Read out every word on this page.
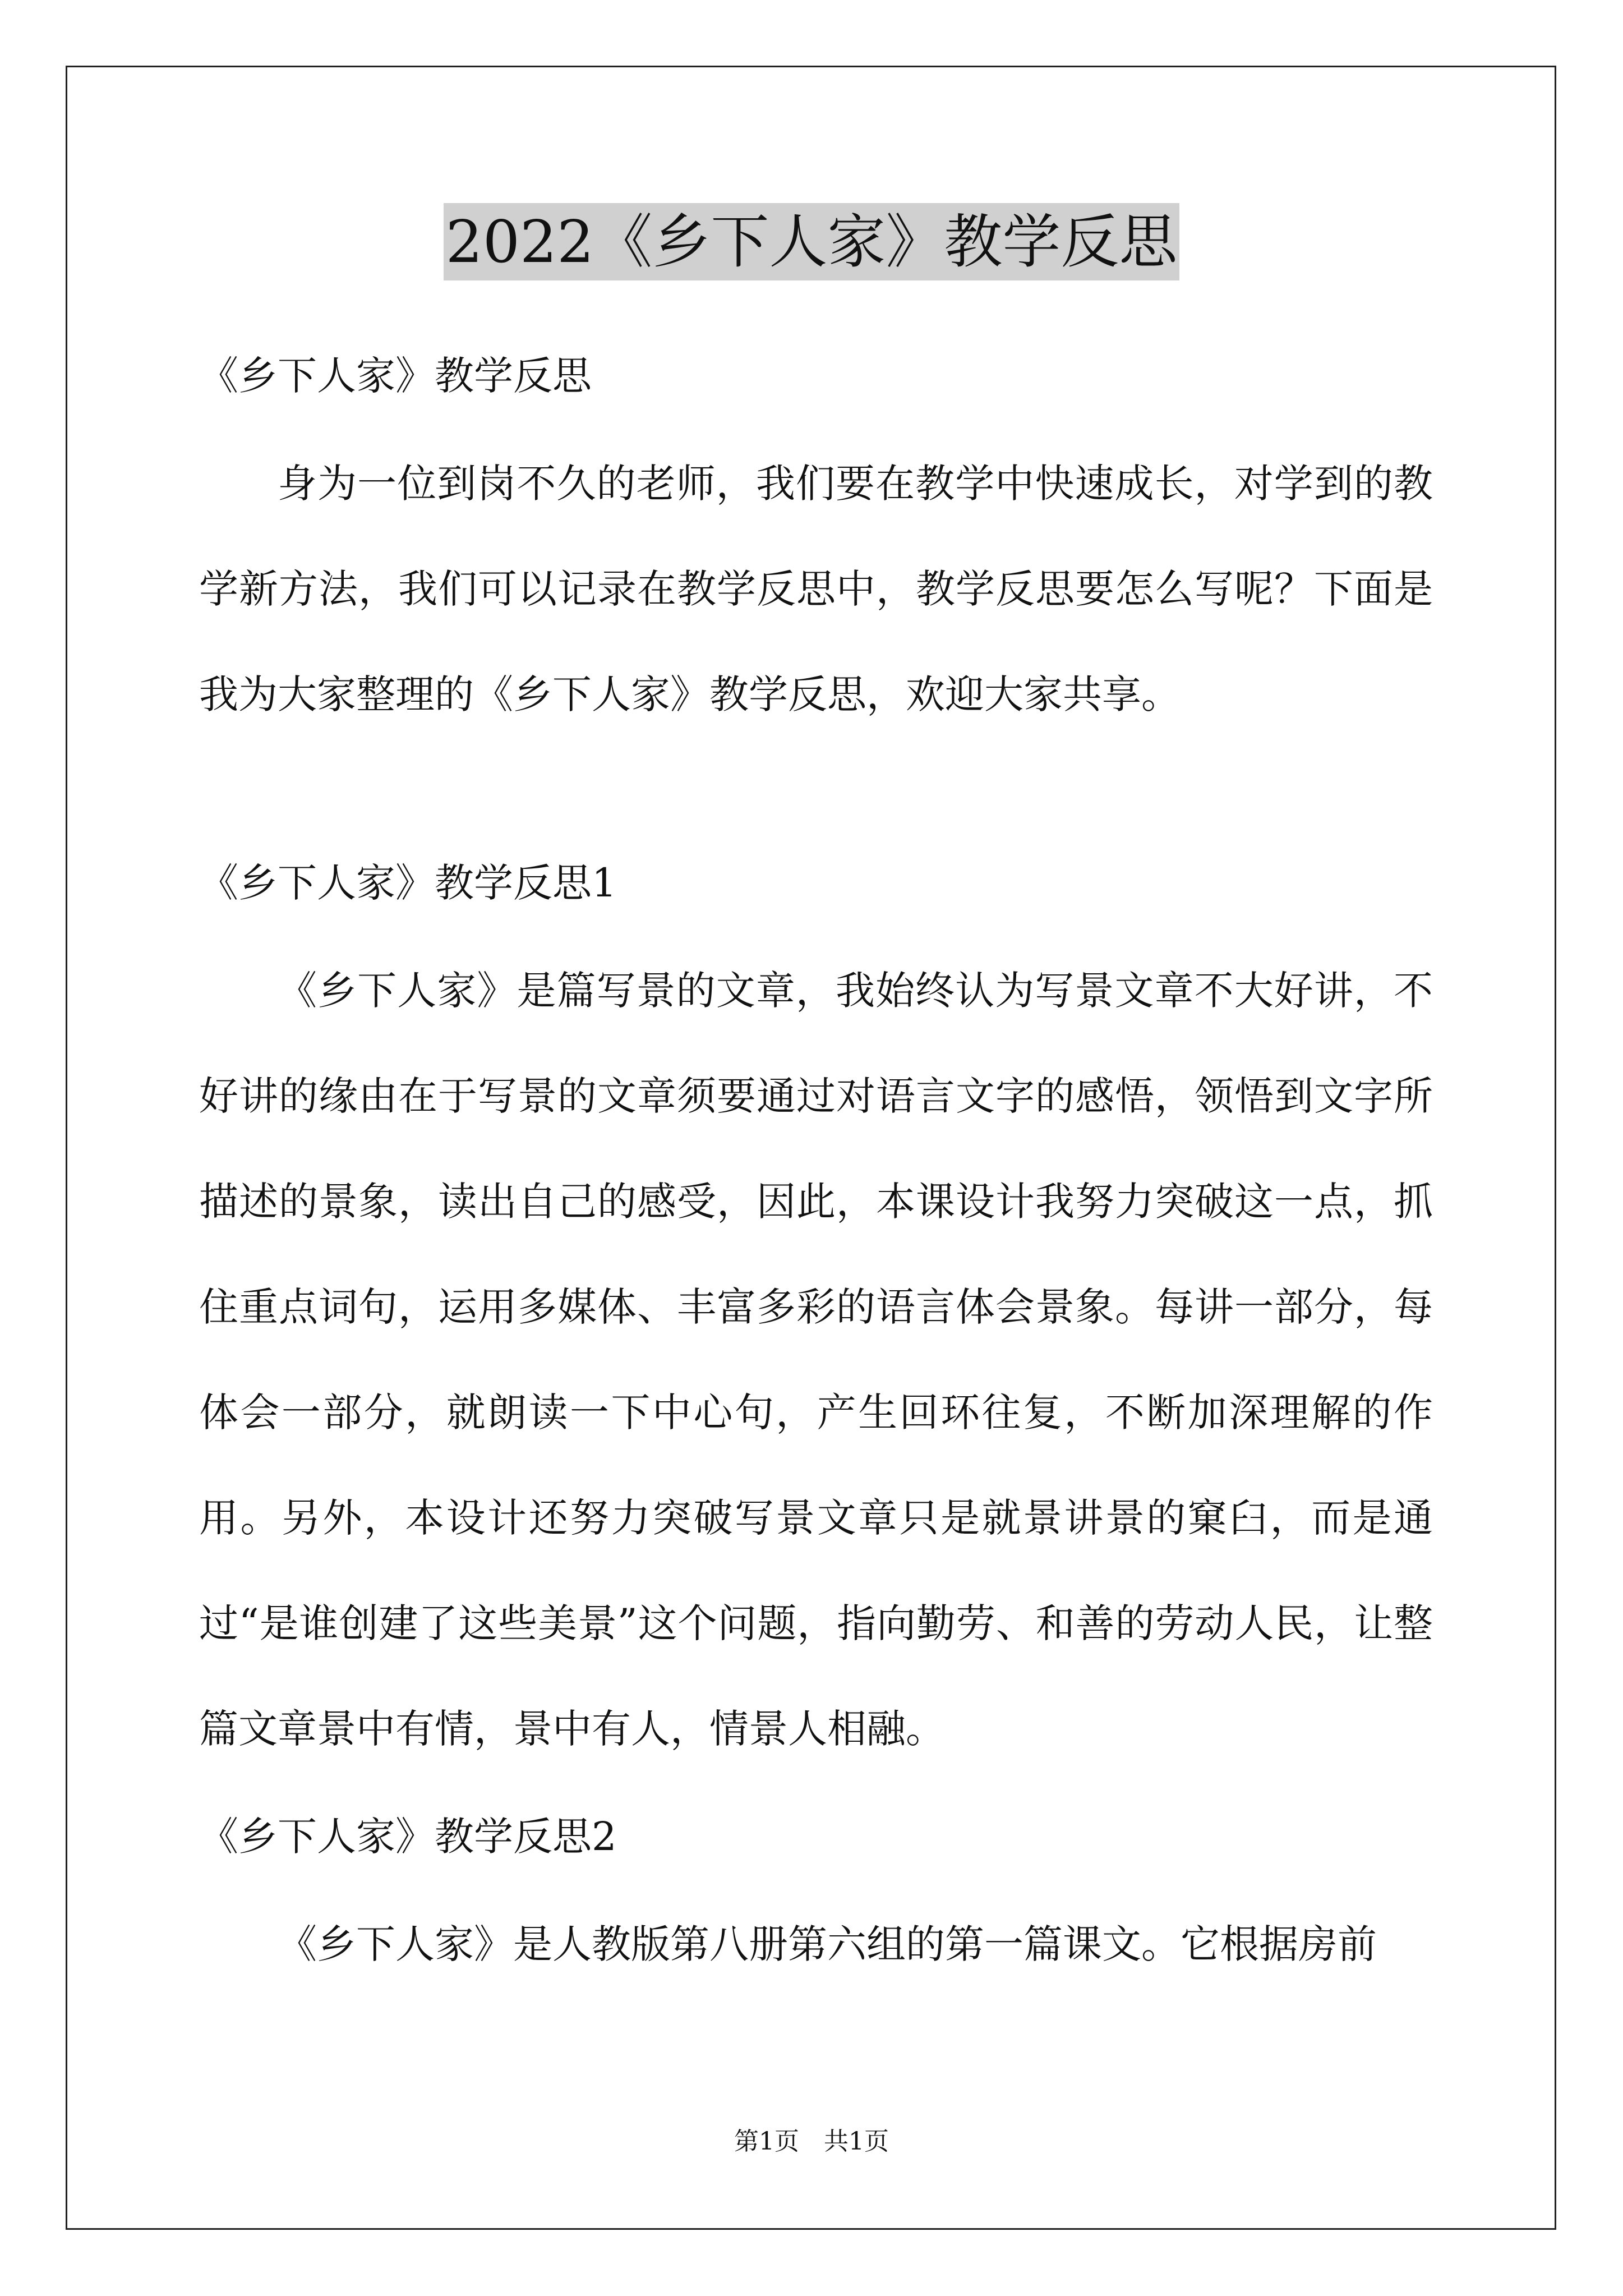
2022《乡下人家》教学反思

《乡下人家》教学反思

身为一位到岗不久的老师，我们要在教学中快速成长，对学到的教学新方法，我们可以记录在教学反思中，教学反思要怎么写呢？下面是我为大家整理的《乡下人家》教学反思，欢迎大家共享。

《乡下人家》教学反思1

《乡下人家》是篇写景的文章，我始终认为写景文章不大好讲，不好讲的缘由在于写景的文章须要通过对语言文字的感悟，领悟到文字所描述的景象，读出自己的感受，因此，本课设计我努力突破这一点，抓住重点词句，运用多媒体、丰富多彩的语言体会景象。每讲一部分，每体会一部分，就朗读一下中心句，产生回环往复，不断加深理解的作用。另外，本设计还努力突破写景文章只是就景讲景的窠臼，而是通过“是谁创建了这些美景”这个问题，指向勤劳、和善的劳动人民，让整篇文章景中有情，景中有人，情景人相融。

《乡下人家》教学反思2

《乡下人家》是人教版第八册第六组的第一篇课文。它根据房前

第1页 共1页
